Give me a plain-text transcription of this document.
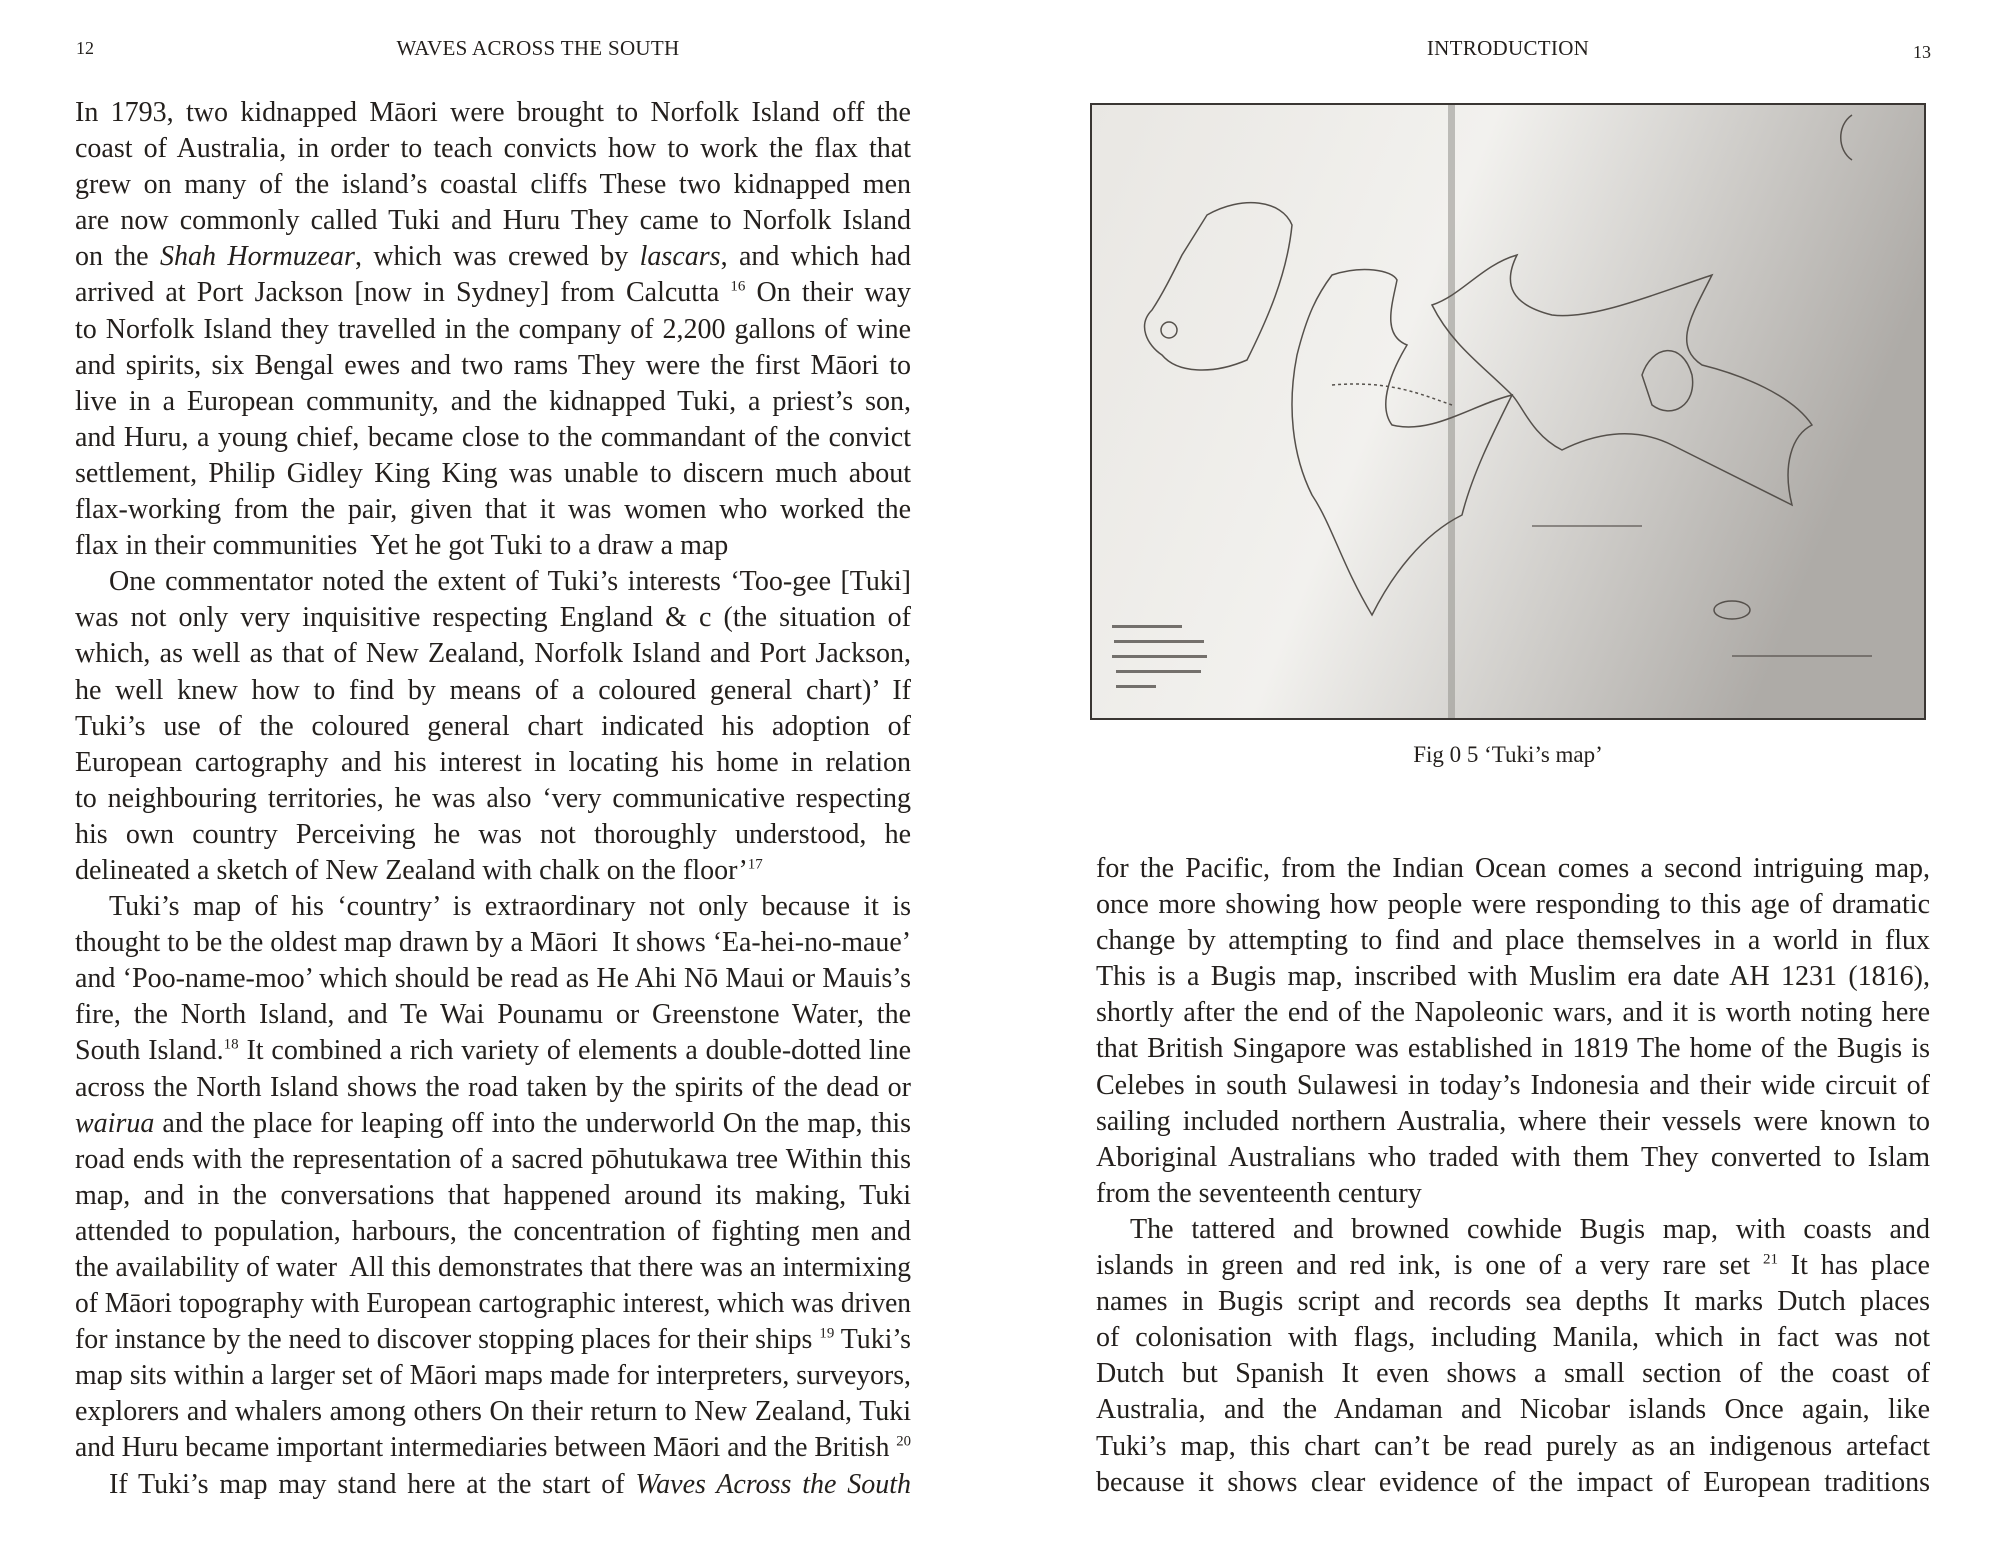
12	WAVES ACROSS THE SOUTH
In 1793, two kidnapped Māori were brought to Norfolk Island off the
coast of Australia, in order to teach convicts how to work the flax that
grew on many of the island’s coastal cliffs These two kidnapped men
are now commonly called Tuki and Huru They came to Norfolk Island
on the Shah Hormuzear, which was crewed by lascars, and which had
arrived at Port Jackson [now in Sydney] from Calcutta $^{16}$ On their way
to Norfolk Island they travelled in the company of 2,200 gallons of wine
and spirits, six Bengal ewes and two rams They were the first Māori to
live in a European community, and the kidnapped Tuki, a priest’s son,
and Huru, a young chief, became close to the commandant of the convict
settlement, Philip Gidley King King was unable to discern much about
flax-working from the pair, given that it was women who worked the
flax in their communities  Yet he got Tuki to a draw a map
One commentator noted the extent of Tuki’s interests ‘Too-gee [Tuki]
was not only very inquisitive respecting England & c (the situation of
which, as well as that of New Zealand, Norfolk Island and Port Jackson,
he well knew how to find by means of a coloured general chart)’ If
Tuki’s use of the coloured general chart indicated his adoption of
European cartography and his interest in locating his home in relation
to neighbouring territories, he was also ‘very communicative respecting
his own country Perceiving he was not thoroughly understood, he
delineated a sketch of New Zealand with chalk on the floor’$^{17}$
Tuki’s map of his ‘country’ is extraordinary not only because it is
thought to be the oldest map drawn by a Māori  It shows ‘Ea-hei-no-maue’
and ‘Poo-name-moo’ which should be read as He Ahi Nō Maui or Mauis’s
fire, the North Island, and Te Wai Pounamu or Greenstone Water, the
South Island.$^{18}$ It combined a rich variety of elements a double-dotted line
across the North Island shows the road taken by the spirits of the dead or
wairua and the place for leaping off into the underworld On the map, this
road ends with the representation of a sacred pōhutukawa tree Within this
map, and in the conversations that happened around its making, Tuki
attended to population, harbours, the concentration of fighting men and
the availability of water  All this demonstrates that there was an intermixing
of Māori topography with European cartographic interest, which was driven
for instance by the need to discover stopping places for their ships $^{19}$ Tuki’s
map sits within a larger set of Māori maps made for interpreters, surveyors,
explorers and whalers among others On their return to New Zealand, Tuki
and Huru became important intermediaries between Māori and the British $^{20}$
If Tuki’s map may stand here at the start of Waves Across the South
INTRODUCTION	13
Fig 0 5 ‘Tuki’s map’
for the Pacific, from the Indian Ocean comes a second intriguing map,
once more showing how people were responding to this age of dramatic
change by attempting to find and place themselves in a world in flux
This is a Bugis map, inscribed with Muslim era date AH 1231 (1816),
shortly after the end of the Napoleonic wars, and it is worth noting here
that British Singapore was established in 1819 The home of the Bugis is
Celebes in south Sulawesi in today’s Indonesia and their wide circuit of
sailing included northern Australia, where their vessels were known to
Aboriginal Australians who traded with them They converted to Islam
from the seventeenth century
The tattered and browned cowhide Bugis map, with coasts and
islands in green and red ink, is one of a very rare set $^{21}$ It has place
names in Bugis script and records sea depths It marks Dutch places
of colonisation with flags, including Manila, which in fact was not
Dutch but Spanish It even shows a small section of the coast of
Australia, and the Andaman and Nicobar islands Once again, like
Tuki’s map, this chart can’t be read purely as an indigenous artefact
because it shows clear evidence of the impact of European traditions
